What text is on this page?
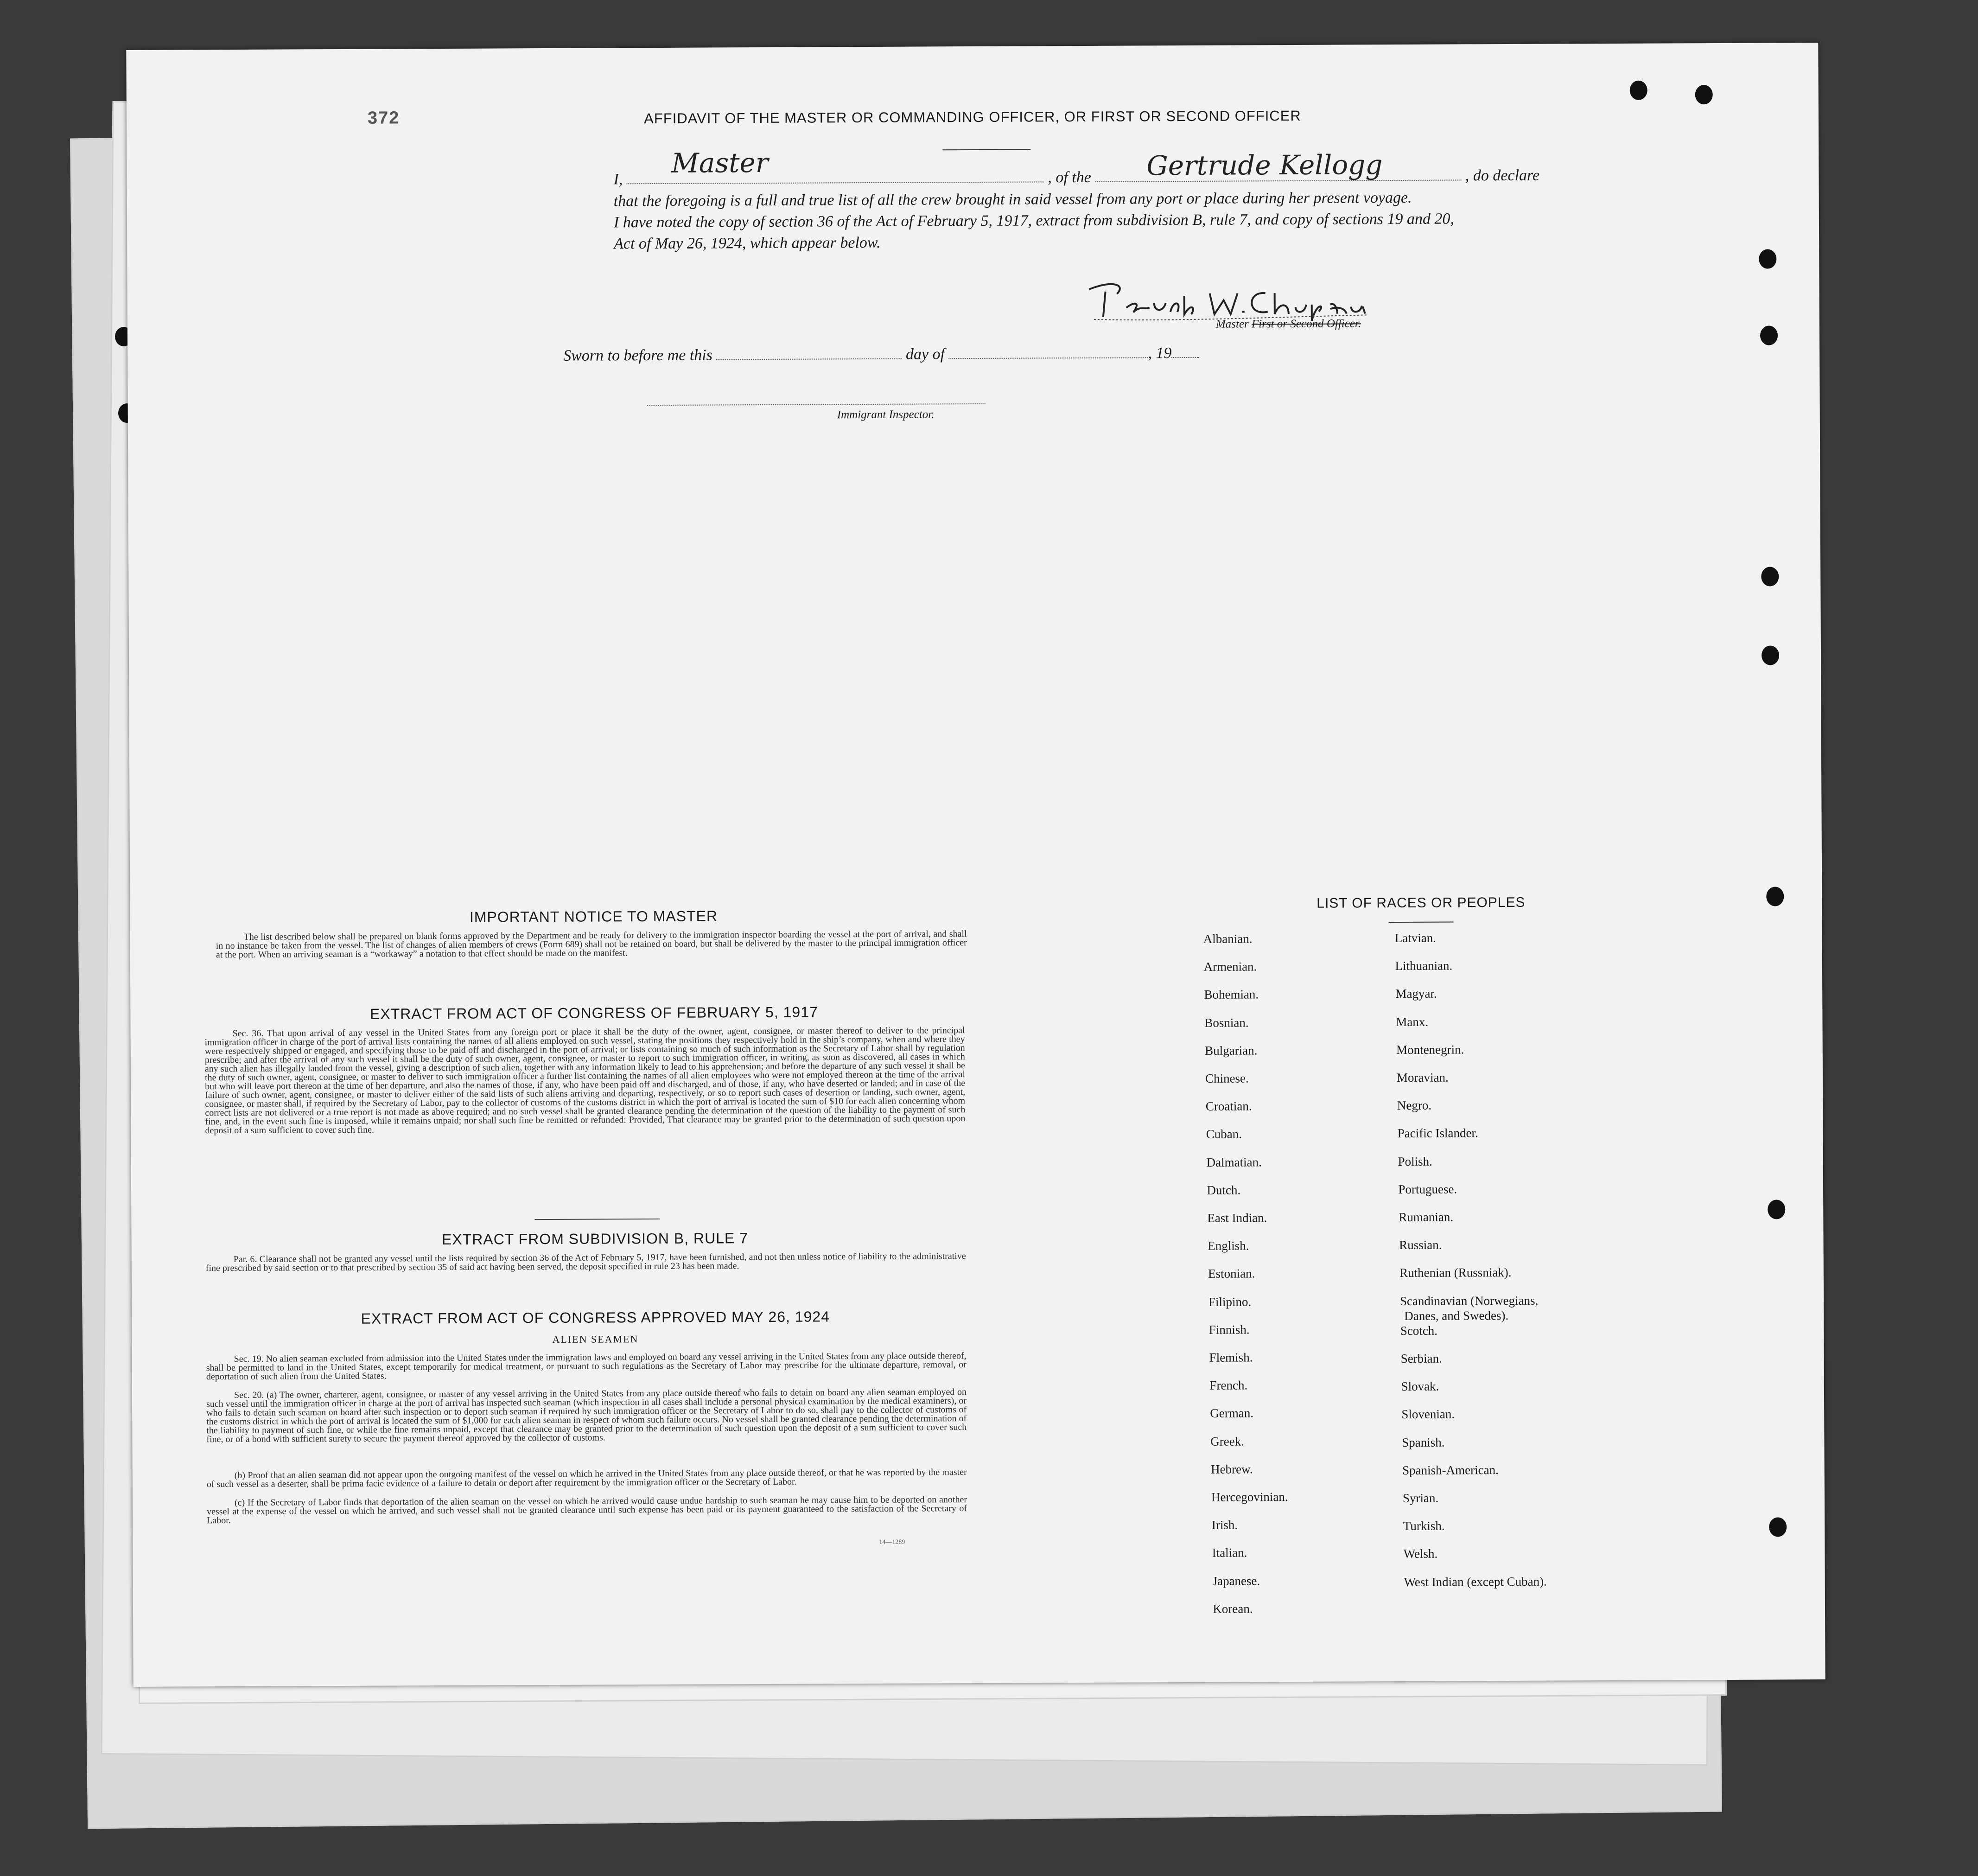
372	AFFIDAVIT OF THE MASTER OR COMMANDING OFFICER, OR FIRST OR SECOND OFFICER
I,	, of the	, do declare
Master	Gertrude Kellogg
that the foregoing is a full and true list of all the crew brought in said vessel from any port or place during her present voyage.
I have noted the copy of section 36 of the Act of February 5, 1917, extract from subdivision B, rule 7, and copy of sections 19 and 20,
Act of May 26, 1924, which appear below.
Master First or Second Officer.
Sworn to before me this	day of	, 19
Immigrant Inspector.
IMPORTANT NOTICE TO MASTER
The list described below shall be prepared on blank forms approved by the Department and be ready for delivery to the immigration inspector boarding the vessel at the port of arrival, and shall in no instance be taken from the vessel. The list of changes of alien members of crews (Form 689) shall not be retained on board, but shall be delivered by the master to the principal immigration officer at the port. When an arriving seaman is a “workaway” a notation to that effect should be made on the manifest.
EXTRACT FROM ACT OF CONGRESS OF FEBRUARY 5, 1917
Sec. 36. That upon arrival of any vessel in the United States from any foreign port or place it shall be the duty of the owner, agent, consignee, or master thereof to deliver to the principal immigration officer in charge of the port of arrival lists containing the names of all aliens employed on such vessel, stating the positions they respectively hold in the ship’s company, when and where they were respectively shipped or engaged, and specifying those to be paid off and discharged in the port of arrival; or lists containing so much of such information as the Secretary of Labor shall by regulation prescribe; and after the arrival of any such vessel it shall be the duty of such owner, agent, consignee, or master to report to such immigration officer, in writing, as soon as discovered, all cases in which any such alien has illegally landed from the vessel, giving a description of such alien, together with any information likely to lead to his apprehension; and before the departure of any such vessel it shall be the duty of such owner, agent, consignee, or master to deliver to such immigration officer a further list containing the names of all alien employees who were not employed thereon at the time of the arrival but who will leave port thereon at the time of her departure, and also the names of those, if any, who have been paid off and discharged, and of those, if any, who have deserted or landed; and in case of the failure of such owner, agent, consignee, or master to deliver either of the said lists of such aliens arriving and departing, respectively, or so to report such cases of desertion or landing, such owner, agent, consignee, or master shall, if required by the Secretary of Labor, pay to the collector of customs of the customs district in which the port of arrival is located the sum of $10 for each alien concerning whom correct lists are not delivered or a true report is not made as above required; and no such vessel shall be granted clearance pending the determination of the question of the liability to the payment of such fine, and, in the event such fine is imposed, while it remains unpaid; nor shall such fine be remitted or refunded: Provided, That clearance may be granted prior to the determination of such question upon deposit of a sum sufficient to cover such fine.
EXTRACT FROM SUBDIVISION B, RULE 7
Par. 6. Clearance shall not be granted any vessel until the lists required by section 36 of the Act of February 5, 1917, have been furnished, and not then unless notice of liability to the administrative fine prescribed by said section or to that prescribed by section 35 of said act having been served, the deposit specified in rule 23 has been made.
EXTRACT FROM ACT OF CONGRESS APPROVED MAY 26, 1924
ALIEN SEAMEN
Sec. 19. No alien seaman excluded from admission into the United States under the immigration laws and employed on board any vessel arriving in the United States from any place outside thereof, shall be permitted to land in the United States, except temporarily for medical treatment, or pursuant to such regulations as the Secretary of Labor may prescribe for the ultimate departure, removal, or deportation of such alien from the United States.
Sec. 20. (a) The owner, charterer, agent, consignee, or master of any vessel arriving in the United States from any place outside thereof who fails to detain on board any alien seaman employed on such vessel until the immigration officer in charge at the port of arrival has inspected such seaman (which inspection in all cases shall include a personal physical examination by the medical examiners), or who fails to detain such seaman on board after such inspection or to deport such seaman if required by such immigration officer or the Secretary of Labor to do so, shall pay to the collector of customs of the customs district in which the port of arrival is located the sum of $1,000 for each alien seaman in respect of whom such failure occurs. No vessel shall be granted clearance pending the determination of the liability to payment of such fine, or while the fine remains unpaid, except that clearance may be granted prior to the determination of such question upon the deposit of a sum sufficient to cover such fine, or of a bond with sufficient surety to secure the payment thereof approved by the collector of customs.
(b) Proof that an alien seaman did not appear upon the outgoing manifest of the vessel on which he arrived in the United States from any place outside thereof, or that he was reported by the master of such vessel as a deserter, shall be prima facie evidence of a failure to detain or deport after requirement by the immigration officer or the Secretary of Labor.
(c) If the Secretary of Labor finds that deportation of the alien seaman on the vessel on which he arrived would cause undue hardship to such seaman he may cause him to be deported on another vessel at the expense of the vessel on which he arrived, and such vessel shall not be granted clearance until such expense has been paid or its payment guaranteed to the satisfaction of the Secretary of Labor.
14—1289
LIST OF RACES OR PEOPLES
Albanian.
Armenian.
Bohemian.
Bosnian.
Bulgarian.
Chinese.
Croatian.
Cuban.
Dalmatian.
Dutch.
East Indian.
English.
Estonian.
Filipino.
Finnish.
Flemish.
French.
German.
Greek.
Hebrew.
Hercegovinian.
Irish.
Italian.
Japanese.
Korean.
Latvian.
Lithuanian.
Magyar.
Manx.
Montenegrin.
Moravian.
Negro.
Pacific Islander.
Polish.
Portuguese.
Rumanian.
Russian.
Ruthenian (Russniak).
Scandinavian (Norwegians,
Danes, and Swedes).
Scotch.
Serbian.
Slovak.
Slovenian.
Spanish.
Spanish-American.
Syrian.
Turkish.
Welsh.
West Indian (except Cuban).
